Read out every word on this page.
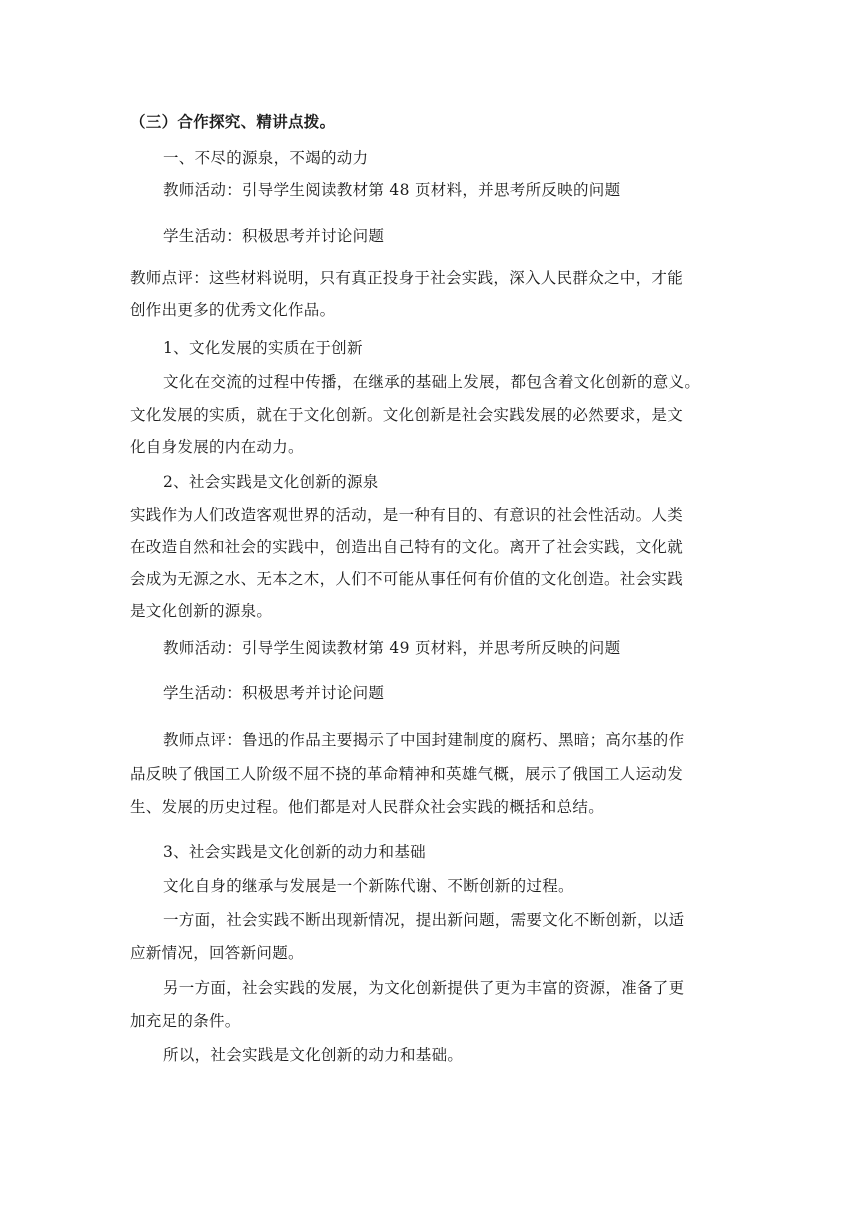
（三）合作探究、精讲点拨。
一、不尽的源泉，不竭的动力
教师活动：引导学生阅读教材第 48 页材料，并思考所反映的问题
学生活动：积极思考并讨论问题
教师点评：这些材料说明，只有真正投身于社会实践，深入人民群众之中，才能
创作出更多的优秀文化作品。
1、文化发展的实质在于创新
文化在交流的过程中传播，在继承的基础上发展，都包含着文化创新的意义。
文化发展的实质，就在于文化创新。文化创新是社会实践发展的必然要求，是文
化自身发展的内在动力。
2、社会实践是文化创新的源泉
实践作为人们改造客观世界的活动，是一种有目的、有意识的社会性活动。人类
在改造自然和社会的实践中，创造出自己特有的文化。离开了社会实践，文化就
会成为无源之水、无本之木，人们不可能从事任何有价值的文化创造。社会实践
是文化创新的源泉。
教师活动：引导学生阅读教材第 49 页材料，并思考所反映的问题
学生活动：积极思考并讨论问题
教师点评：鲁迅的作品主要揭示了中国封建制度的腐朽、黑暗；高尔基的作
品反映了俄国工人阶级不屈不挠的革命精神和英雄气概，展示了俄国工人运动发
生、发展的历史过程。他们都是对人民群众社会实践的概括和总结。
3、社会实践是文化创新的动力和基础
文化自身的继承与发展是一个新陈代谢、不断创新的过程。
一方面，社会实践不断出现新情况，提出新问题，需要文化不断创新，以适
应新情况，回答新问题。
另一方面，社会实践的发展，为文化创新提供了更为丰富的资源，准备了更
加充足的条件。
所以，社会实践是文化创新的动力和基础。
